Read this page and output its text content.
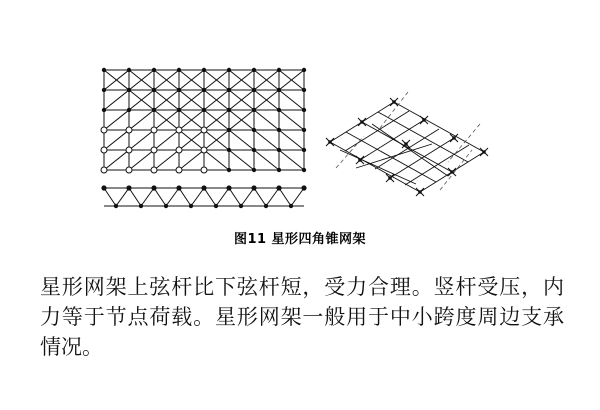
图11 星形四角锥网架
星形网架上弦杆比下弦杆短，受力合理。竖杆受压，内力等于节点荷载。星形网架一般用于中小跨度周边支承情况。
